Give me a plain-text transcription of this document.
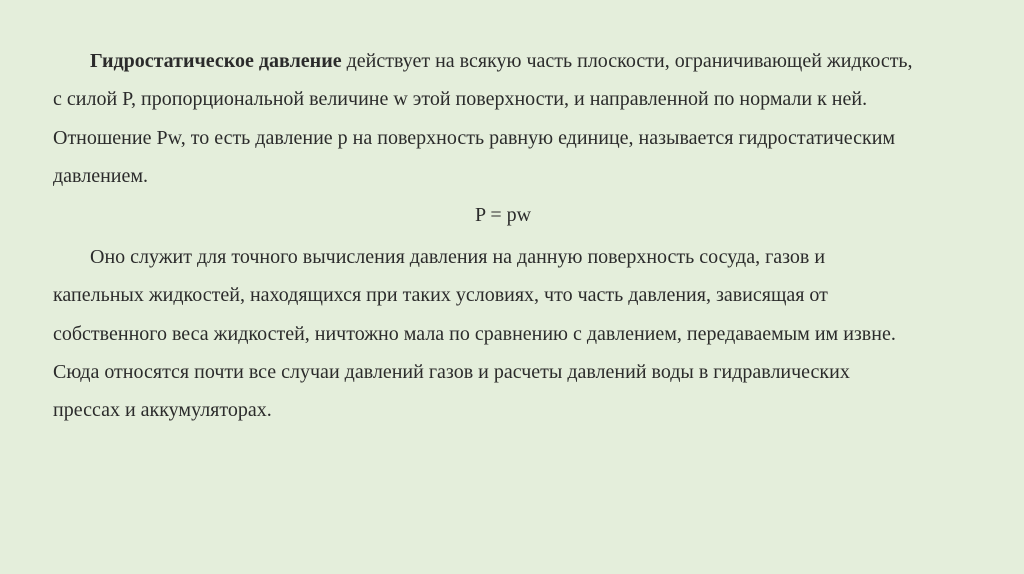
Гидростатическое давление действует на всякую часть плоскости, ограничивающей жидкость,
с силой P, пропорциональной величине w этой поверхности, и направленной по нормали к ней.
Отношение Pw, то есть давление p на поверхность равную единице, называется гидростатическим
давлением.
P = pw
Оно служит для точного вычисления давления на данную поверхность сосуда, газов и
капельных жидкостей, находящихся при таких условиях, что часть давления, зависящая от
собственного веса жидкостей, ничтожно мала по сравнению с давлением, передаваемым им извне.
Сюда относятся почти все случаи давлений газов и расчеты давлений воды в гидравлических
прессах и аккумуляторах.
